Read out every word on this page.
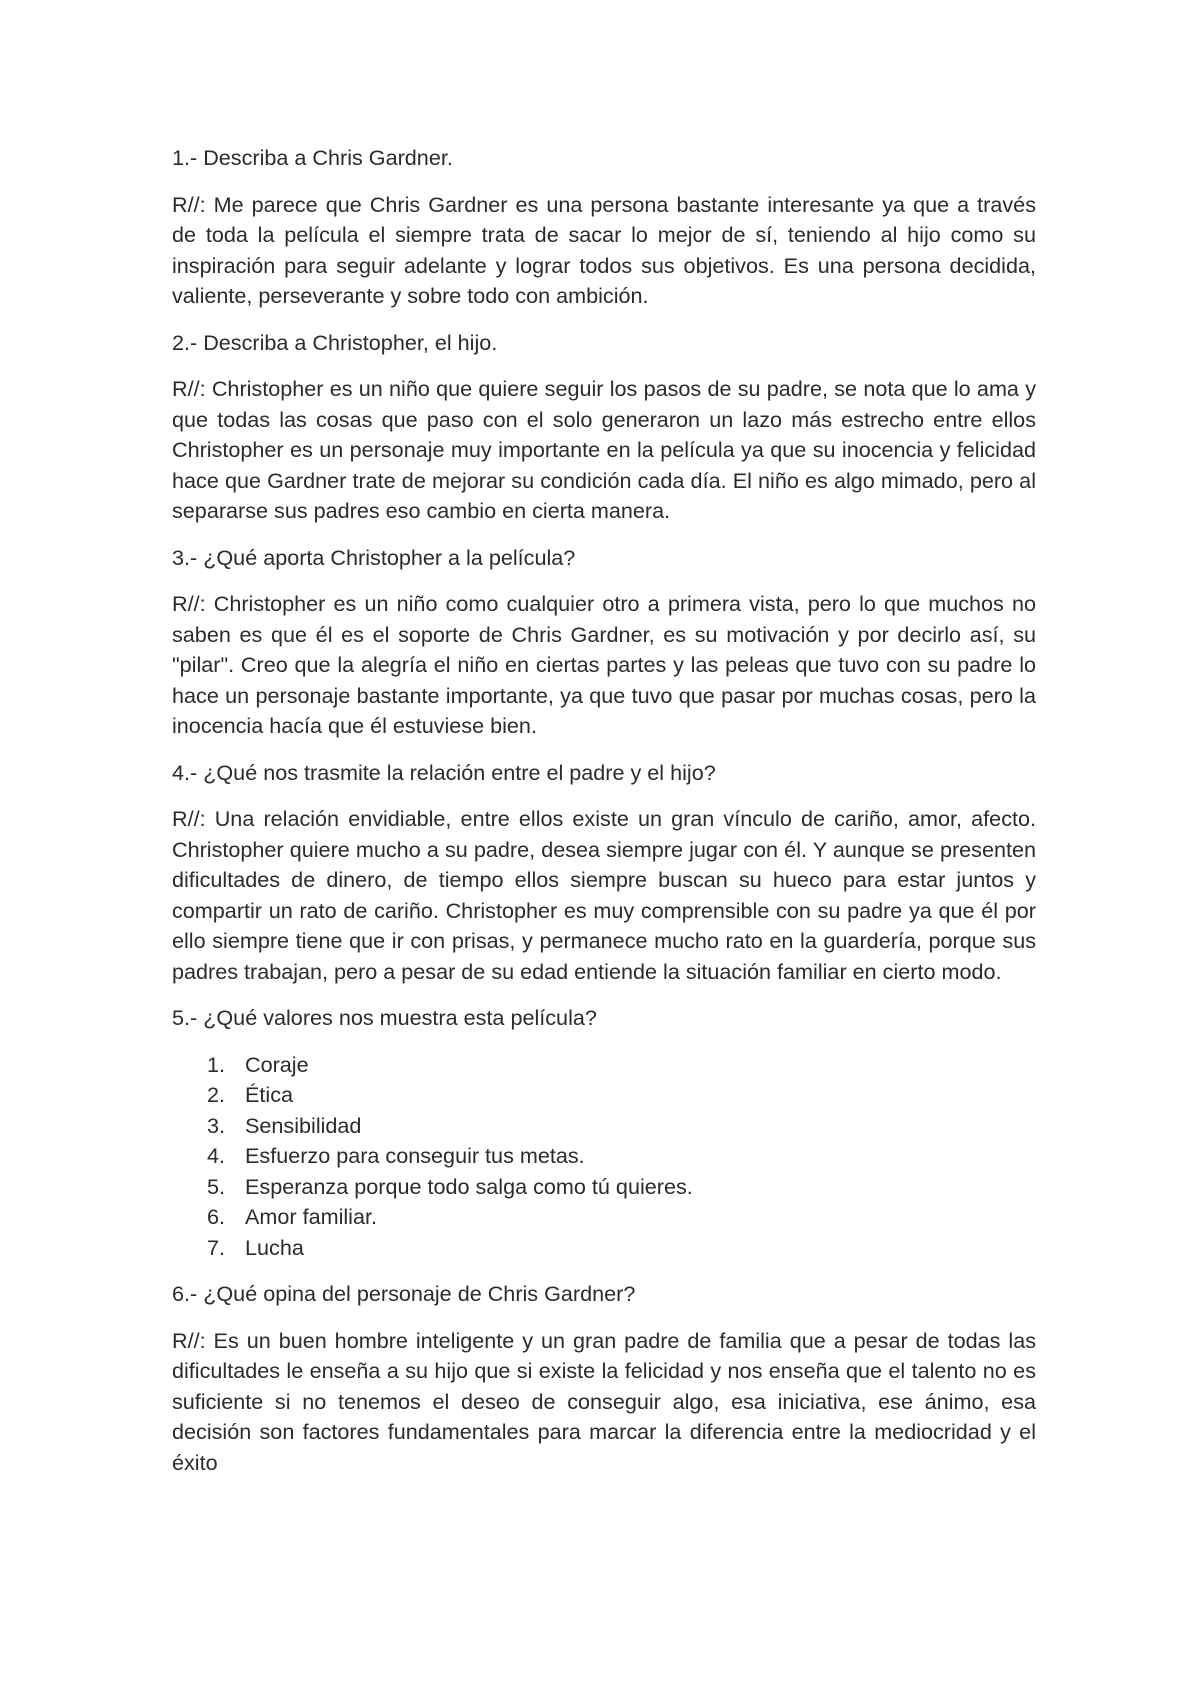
1.- Describa a Chris Gardner.

R//: Me parece que Chris Gardner es una persona bastante interesante ya que a través de toda la película el siempre trata de sacar lo mejor de sí, teniendo al hijo como su inspiración para seguir adelante y lograr todos sus objetivos. Es una persona decidida, valiente, perseverante y sobre todo con ambición.

2.- Describa a Christopher, el hijo.

R//: Christopher es un niño que quiere seguir los pasos de su padre, se nota que lo ama y que todas las cosas que paso con el solo generaron un lazo más estrecho entre ellos Christopher es un personaje muy importante en la película ya que su inocencia y felicidad hace que Gardner trate de mejorar su condición cada día. El niño es algo mimado, pero al separarse sus padres eso cambio en cierta manera.

3.- ¿Qué aporta Christopher a la película?

R//: Christopher es un niño como cualquier otro a primera vista, pero lo que muchos no saben es que él es el soporte de Chris Gardner, es su motivación y por decirlo así, su "pilar". Creo que la alegría el niño en ciertas partes y las peleas que tuvo con su padre lo hace un personaje bastante importante, ya que tuvo que pasar por muchas cosas, pero la inocencia hacía que él estuviese bien.

4.- ¿Qué nos trasmite la relación entre el padre y el hijo?

R//: Una relación envidiable, entre ellos existe un gran vínculo de cariño, amor, afecto. Christopher quiere mucho a su padre, desea siempre jugar con él. Y aunque se presenten dificultades de dinero, de tiempo ellos siempre buscan su hueco para estar juntos y compartir un rato de cariño. Christopher es muy comprensible con su padre ya que él por ello siempre tiene que ir con prisas, y permanece mucho rato en la guardería, porque sus padres trabajan, pero a pesar de su edad entiende la situación familiar en cierto modo.

5.- ¿Qué valores nos muestra esta película?

1. Coraje
2. Ética
3. Sensibilidad
4. Esfuerzo para conseguir tus metas.
5. Esperanza porque todo salga como tú quieres.
6. Amor familiar.
7. Lucha

6.- ¿Qué opina del personaje de Chris Gardner?

R//: Es un buen hombre inteligente y un gran padre de familia que a pesar de todas las dificultades le enseña a su hijo que si existe la felicidad y nos enseña que el talento no es suficiente si no tenemos el deseo de conseguir algo, esa iniciativa, ese ánimo, esa decisión son factores fundamentales para marcar la diferencia entre la mediocridad y el éxito
